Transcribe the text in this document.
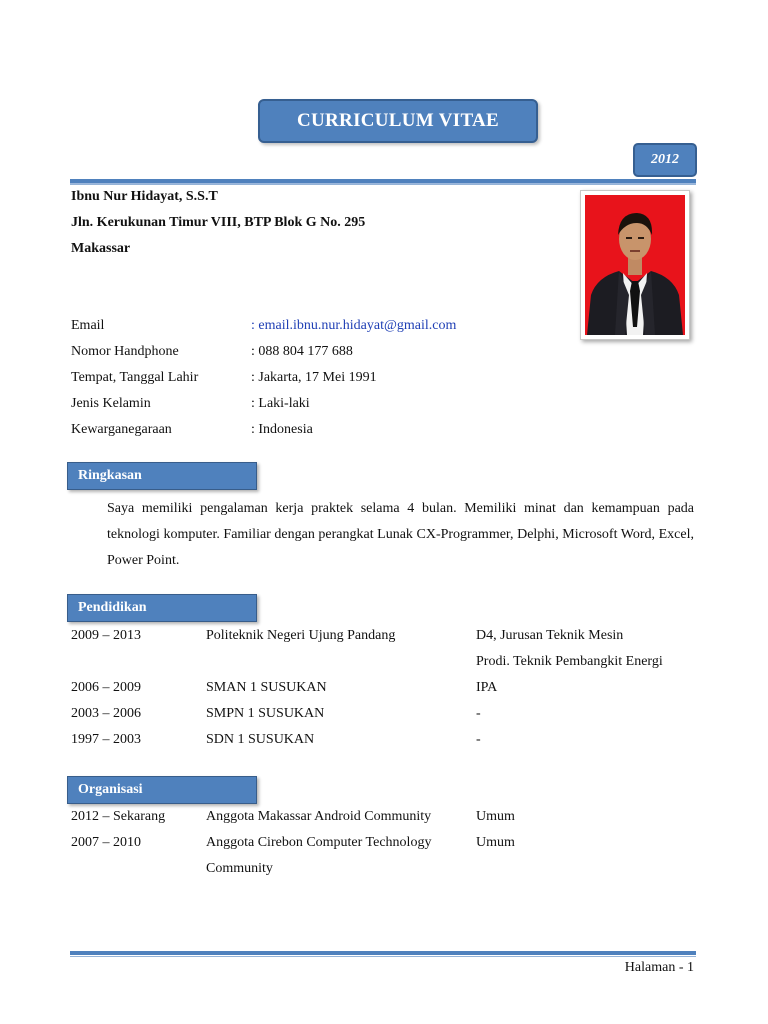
CURRICULUM VITAE
2012
Ibnu Nur Hidayat, S.S.T
Jln. Kerukunan Timur VIII, BTP Blok G No. 295
Makassar
Email	: email.ibnu.nur.hidayat@gmail.com
Nomor Handphone	: 088 804 177 688
Tempat, Tanggal Lahir	: Jakarta, 17 Mei 1991
Jenis Kelamin	: Laki-laki
Kewarganegaraan	: Indonesia
Ringkasan
Saya memiliki pengalaman kerja praktek selama 4 bulan. Memiliki minat dan kemampuan pada teknologi komputer. Familiar dengan perangkat Lunak CX-Programmer, Delphi, Microsoft Word, Excel, Power Point.
Pendidikan
2009 – 2013	Politeknik Negeri Ujung Pandang	D4, Jurusan Teknik Mesin
Prodi. Teknik Pembangkit Energi
2006 – 2009	SMAN 1 SUSUKAN	IPA
2003 – 2006	SMPN 1 SUSUKAN	-
1997 – 2003	SDN 1 SUSUKAN	-
Organisasi
2012 – Sekarang	Anggota Makassar Android Community	Umum
2007 – 2010	Anggota Cirebon Computer Technology	Umum
Community
Halaman - 1
